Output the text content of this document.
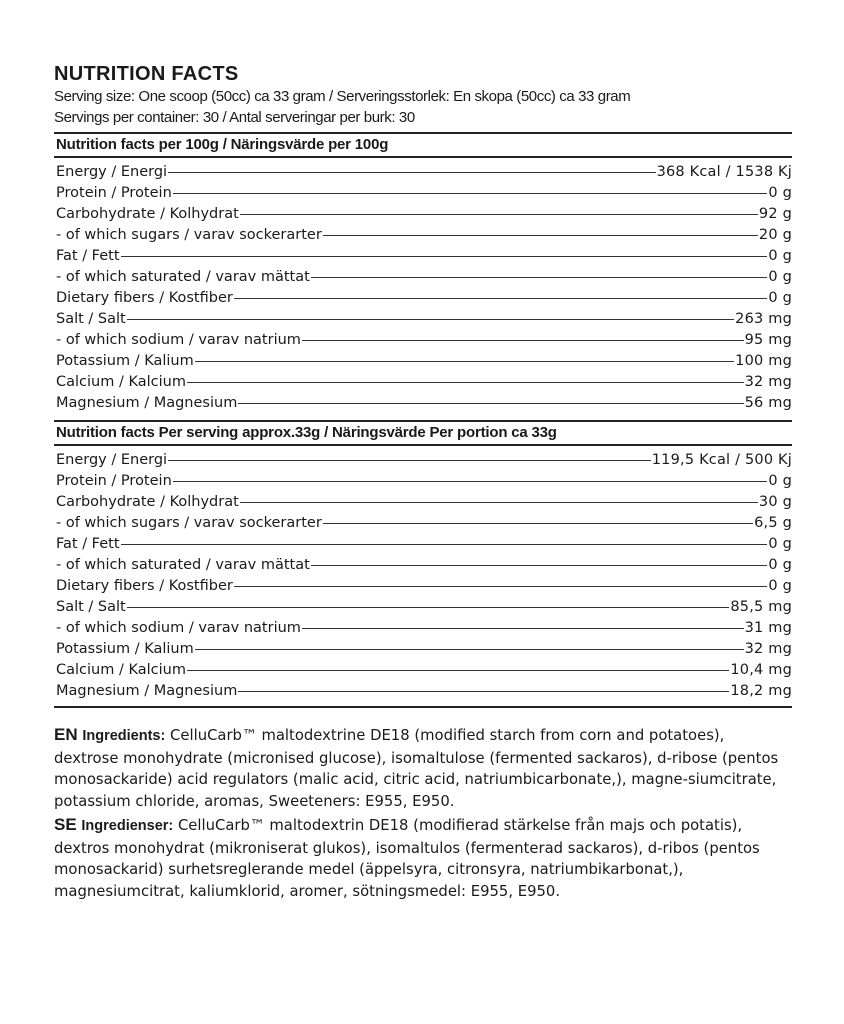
NUTRITION FACTS
Serving size: One scoop (50cc) ca 33 gram / Serveringsstorlek: En skopa (50cc) ca 33 gram
Servings per container: 30 / Antal serveringar per burk: 30
Nutrition facts per 100g / Näringsvärde per 100g
Energy / Energi	368 Kcal / 1538 Kj
Protein / Protein	0 g
Carbohydrate / Kolhydrat	92 g
- of which sugars / varav sockerarter	20 g
Fat / Fett	0 g
- of which saturated / varav mättat	0 g
Dietary fibers / Kostfiber	0 g
Salt / Salt	263 mg
- of which sodium / varav natrium	95 mg
Potassium / Kalium	100 mg
Calcium / Kalcium	32 mg
Magnesium / Magnesium	56 mg
Nutrition facts Per serving approx.33g / Näringsvärde Per portion ca 33g
Energy / Energi	119,5 Kcal / 500 Kj
Protein / Protein	0 g
Carbohydrate / Kolhydrat	30 g
- of which sugars / varav sockerarter	6,5 g
Fat / Fett	0 g
- of which saturated / varav mättat	0 g
Dietary fibers / Kostfiber	0 g
Salt / Salt	85,5 mg
- of which sodium / varav natrium	31 mg
Potassium / Kalium	32 mg
Calcium / Kalcium	10,4 mg
Magnesium / Magnesium	18,2 mg

EN Ingredients: CelluCarb™ maltodextrine DE18 (modified starch from corn and potatoes), dextrose monohydrate (micronised glucose), isomaltulose (fermented sackaros), d-ribose (pentos monosackaride) acid regulators (malic acid, citric acid, natriumbicarbonate,), magne-siumcitrate, potassium chloride, aromas, Sweeteners: E955, E950.

SE Ingredienser: CelluCarb™ maltodextrin DE18 (modifierad stärkelse från majs och potatis), dextros monohydrat (mikroniserat glukos), isomaltulos (fermenterad sackaros), d-ribos (pentos monosackarid) surhetsreglerande medel (äppelsyra, citronsyra, natriumbikarbonat,), magnesiumcitrat, kaliumklorid, aromer, sötningsmedel: E955, E950.
